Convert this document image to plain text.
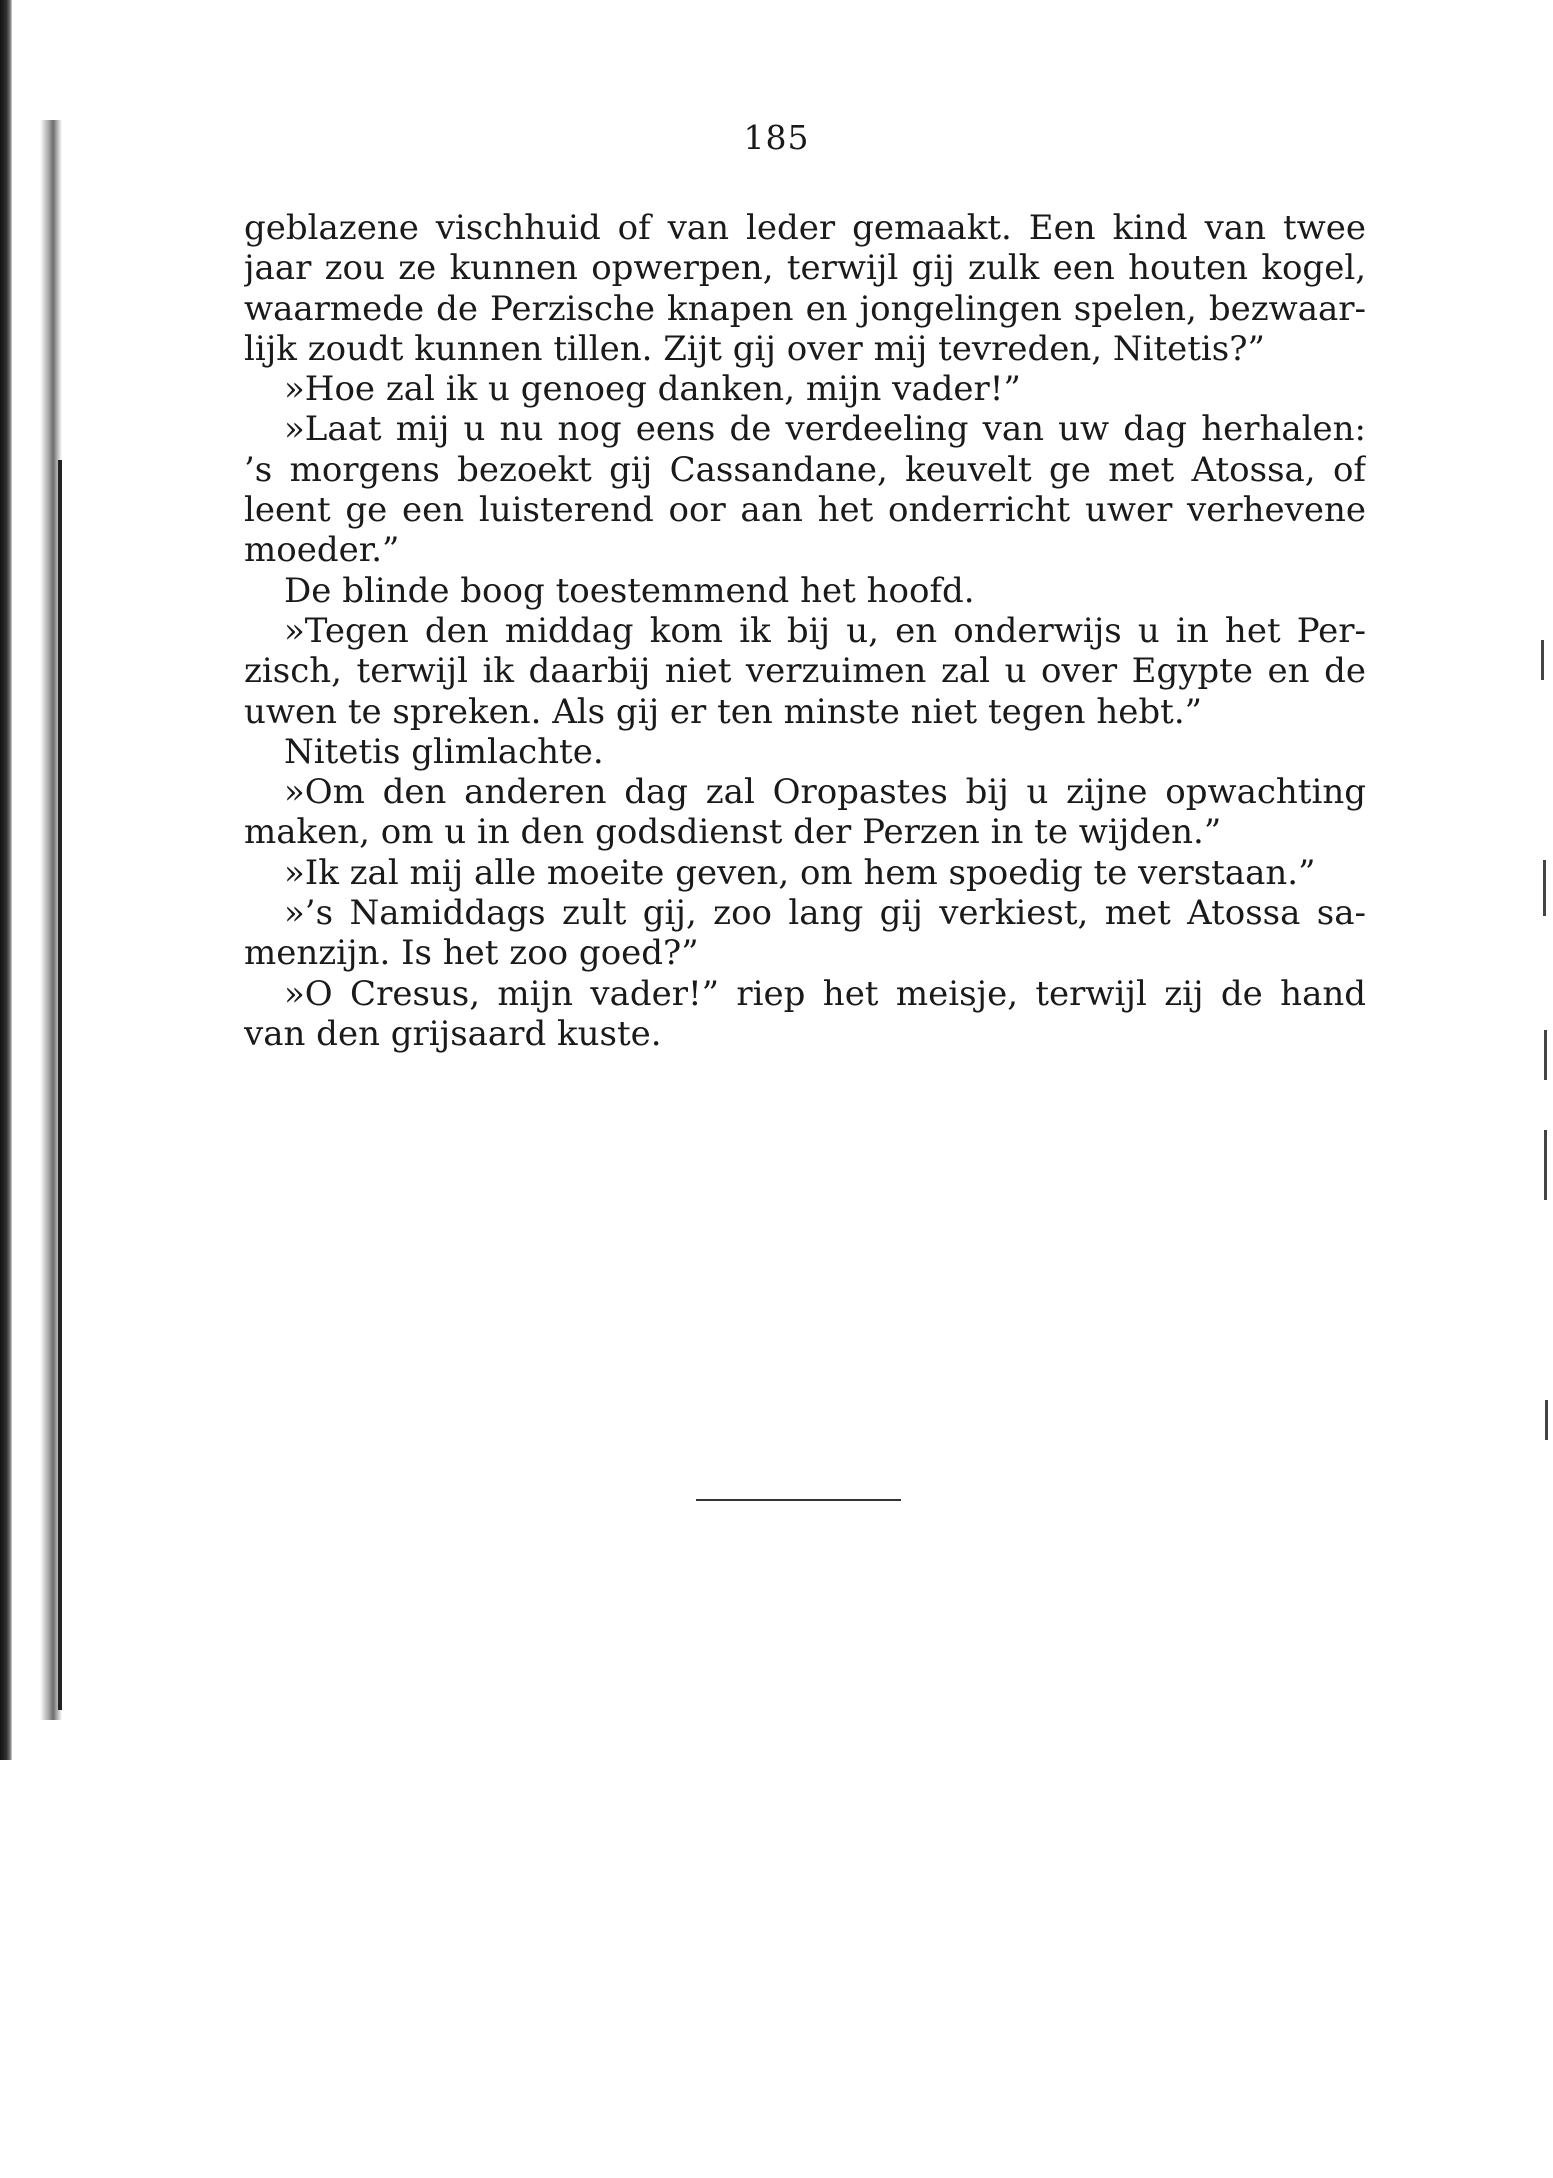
185
geblazene vischhuid of van leder gemaakt. Een kind van twee
jaar zou ze kunnen opwerpen, terwijl gij zulk een houten kogel,
waarmede de Perzische knapen en jongelingen spelen, bezwaar-
lijk zoudt kunnen tillen. Zijt gij over mij tevreden, Nitetis?”
»Hoe zal ik u genoeg danken, mijn vader!”
»Laat mij u nu nog eens de verdeeling van uw dag herhalen:
’s morgens bezoekt gij Cassandane, keuvelt ge met Atossa, of
leent ge een luisterend oor aan het onderricht uwer verhevene
moeder.”
De blinde boog toestemmend het hoofd.
»Tegen den middag kom ik bij u, en onderwijs u in het Per-
zisch, terwijl ik daarbij niet verzuimen zal u over Egypte en de
uwen te spreken. Als gij er ten minste niet tegen hebt.”
Nitetis glimlachte.
»Om den anderen dag zal Oropastes bij u zijne opwachting
maken, om u in den godsdienst der Perzen in te wijden.”
»Ik zal mij alle moeite geven, om hem spoedig te verstaan.”
»’s Namiddags zult gij, zoo lang gij verkiest, met Atossa sa-
menzijn. Is het zoo goed?”
»O Cresus, mijn vader!” riep het meisje, terwijl zij de hand
van den grijsaard kuste.
